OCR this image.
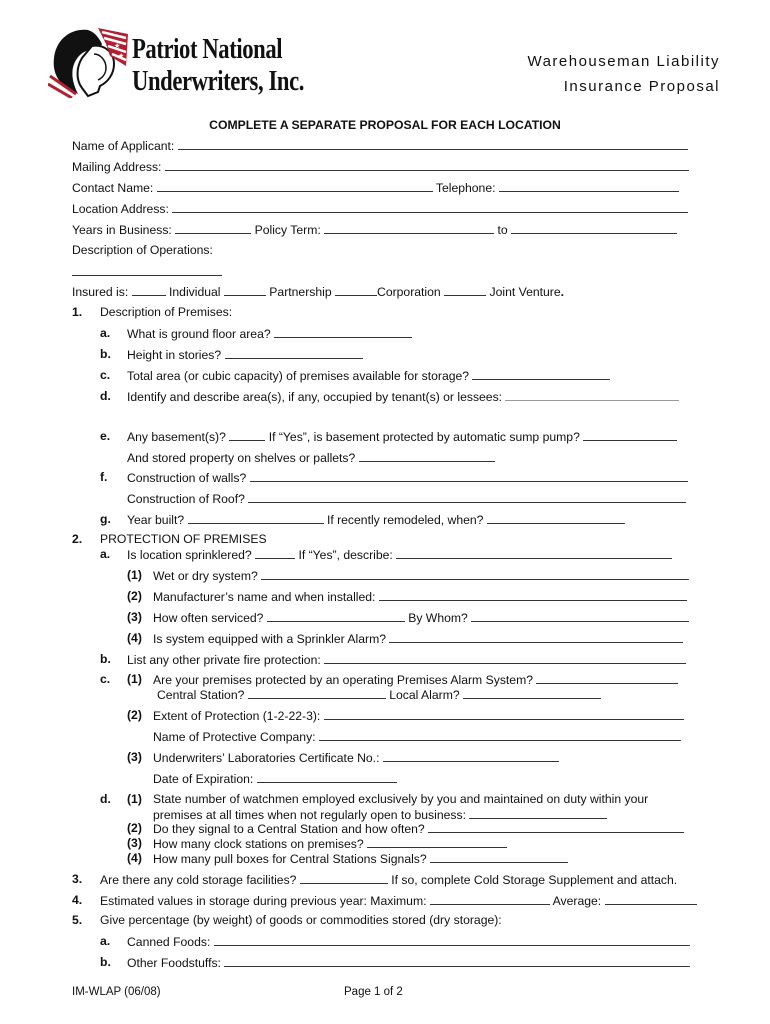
★
★ Patriot National
Underwriters, Inc.
Warehouseman Liability
Insurance Proposal
COMPLETE A SEPARATE PROPOSAL FOR EACH LOCATION
Name of Applicant:
Mailing Address:
Contact Name:	Telephone:
Location Address:
Years in Business:	Policy Term:	to
Description of Operations:
Insured is:	Individual	Partnership	Corporation	Joint Venture.
1. Description of Premises:
a. What is ground floor area?
b. Height in stories?
c. Total area (or cubic capacity) of premises available for storage?
d. Identify and describe area(s), if any, occupied by tenant(s) or lessees:
e. Any basement(s)?	If “Yes”, is basement protected by automatic sump pump?
And stored property on shelves or pallets?
f. Construction of walls?
Construction of Roof?
g. Year built?	If recently remodeled, when?
2. PROTECTION OF PREMISES
a. Is location sprinklered?	If “Yes”, describe:
(1) Wet or dry system?
(2) Manufacturer’s name and when installed:
(3) How often serviced?	By Whom?
(4) Is system equipped with a Sprinkler Alarm?
b. List any other private fire protection:
c. (1) Are your premises protected by an operating Premises Alarm System?
Central Station?	Local Alarm?
(2) Extent of Protection (1-2-22-3):
Name of Protective Company:
(3) Underwriters’ Laboratories Certificate No.:
Date of Expiration:
d. (1) State number of watchmen employed exclusively by you and maintained on duty within your
premises at all times when not regularly open to business:
(2) Do they signal to a Central Station and how often?
(3) How many clock stations on premises?
(4) How many pull boxes for Central Stations Signals?
3. Are there any cold storage facilities?	If so, complete Cold Storage Supplement and attach.
4. Estimated values in storage during previous year: Maximum:	Average:
5. Give percentage (by weight) of goods or commodities stored (dry storage):
a. Canned Foods:
b. Other Foodstuffs:
IM-WLAP (06/08)	Page 1 of 2
